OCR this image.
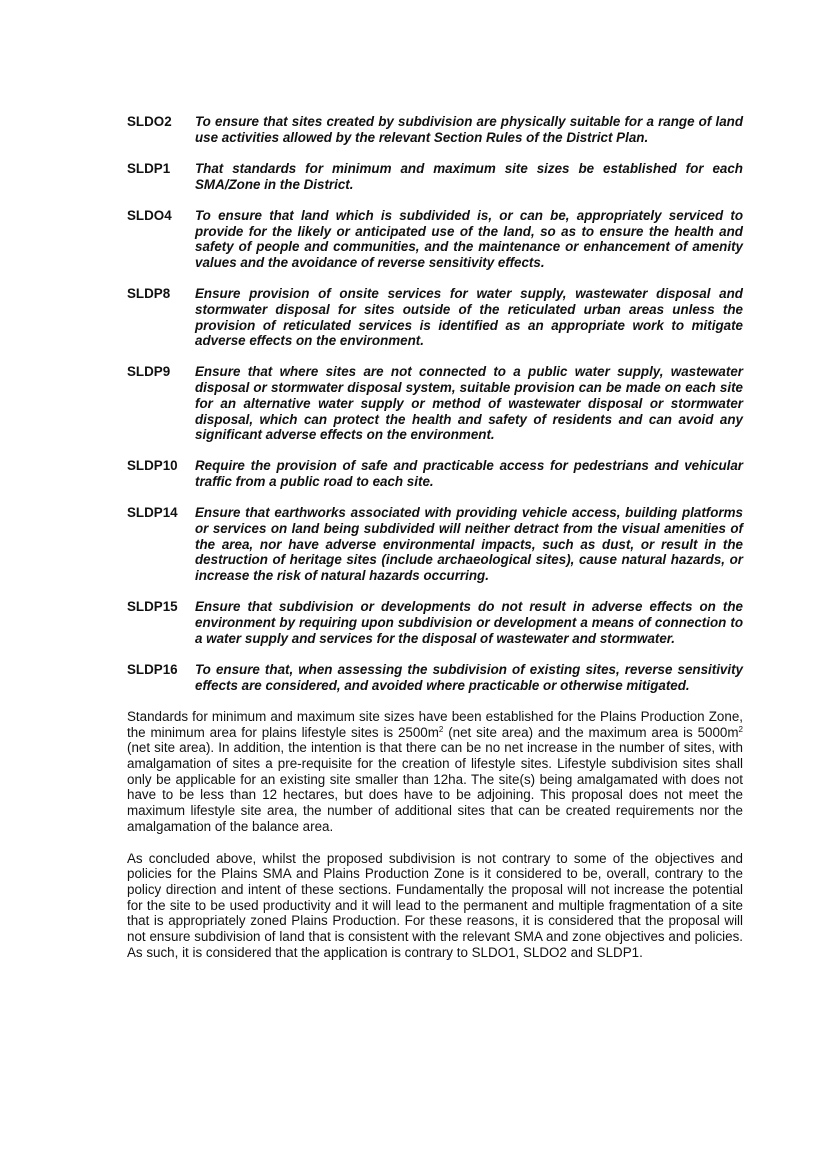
SLDO2	To ensure that sites created by subdivision are physically suitable for a range of land use activities allowed by the relevant Section Rules of the District Plan.
SLDP1	That standards for minimum and maximum site sizes be established for each SMA/Zone in the District.
SLDO4	To ensure that land which is subdivided is, or can be, appropriately serviced to provide for the likely or anticipated use of the land, so as to ensure the health and safety of people and communities, and the maintenance or enhancement of amenity values and the avoidance of reverse sensitivity effects.
SLDP8	Ensure provision of onsite services for water supply, wastewater disposal and stormwater disposal for sites outside of the reticulated urban areas unless the provision of reticulated services is identified as an appropriate work to mitigate adverse effects on the environment.
SLDP9	Ensure that where sites are not connected to a public water supply, wastewater disposal or stormwater disposal system, suitable provision can be made on each site for an alternative water supply or method of wastewater disposal or stormwater disposal, which can protect the health and safety of residents and can avoid any significant adverse effects on the environment.
SLDP10	Require the provision of safe and practicable access for pedestrians and vehicular traffic from a public road to each site.
SLDP14	Ensure that earthworks associated with providing vehicle access, building platforms or services on land being subdivided will neither detract from the visual amenities of the area, nor have adverse environmental impacts, such as dust, or result in the destruction of heritage sites (include archaeological sites), cause natural hazards, or increase the risk of natural hazards occurring.
SLDP15	Ensure that subdivision or developments do not result in adverse effects on the environment by requiring upon subdivision or development a means of connection to a water supply and services for the disposal of wastewater and stormwater.
SLDP16	To ensure that, when assessing the subdivision of existing sites, reverse sensitivity effects are considered, and avoided where practicable or otherwise mitigated.

Standards for minimum and maximum site sizes have been established for the Plains Production Zone, the minimum area for plains lifestyle sites is $2500m^2$ (net site area) and the maximum area is $5000m^2$ (net site area). In addition, the intention is that there can be no net increase in the number of sites, with amalgamation of sites a pre-requisite for the creation of lifestyle sites. Lifestyle subdivision sites shall only be applicable for an existing site smaller than 12ha. The site(s) being amalgamated with does not have to be less than 12 hectares, but does have to be adjoining. This proposal does not meet the maximum lifestyle site area, the number of additional sites that can be created requirements nor the amalgamation of the balance area.

As concluded above, whilst the proposed subdivision is not contrary to some of the objectives and policies for the Plains SMA and Plains Production Zone is it considered to be, overall, contrary to the policy direction and intent of these sections. Fundamentally the proposal will not increase the potential for the site to be used productivity and it will lead to the permanent and multiple fragmentation of a site that is appropriately zoned Plains Production. For these reasons, it is considered that the proposal will not ensure subdivision of land that is consistent with the relevant SMA and zone objectives and policies. As such, it is considered that the application is contrary to SLDO1, SLDO2 and SLDP1.
